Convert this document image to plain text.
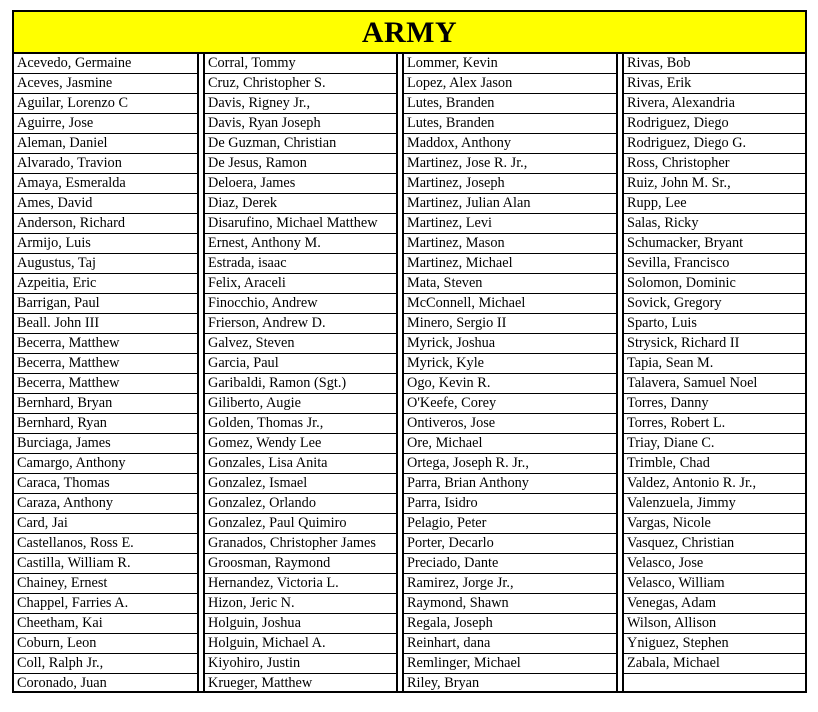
ARMY
Acevedo, Germaine
Aceves, Jasmine
Aguilar, Lorenzo C
Aguirre, Jose
Aleman, Daniel
Alvarado, Travion
Amaya, Esmeralda
Ames, David
Anderson, Richard
Armijo, Luis
Augustus, Taj
Azpeitia, Eric
Barrigan, Paul
Beall. John III
Becerra, Matthew
Becerra, Matthew
Becerra, Matthew
Bernhard, Bryan
Bernhard, Ryan
Burciaga, James
Camargo, Anthony
Caraca, Thomas
Caraza, Anthony
Card, Jai
Castellanos, Ross E.
Castilla, William R.
Chainey, Ernest
Chappel, Farries A.
Cheetham, Kai
Coburn, Leon
Coll, Ralph Jr.,
Coronado, Juan
Corral, Tommy
Cruz, Christopher S.
Davis, Rigney Jr.,
Davis, Ryan Joseph
De Guzman, Christian
De Jesus, Ramon
Deloera, James
Diaz, Derek
Disarufino, Michael Matthew
Ernest, Anthony M.
Estrada, isaac
Felix, Araceli
Finocchio, Andrew
Frierson, Andrew D.
Galvez, Steven
Garcia, Paul
Garibaldi, Ramon (Sgt.)
Giliberto, Augie
Golden, Thomas Jr.,
Gomez, Wendy Lee
Gonzales, Lisa Anita
Gonzalez, Ismael
Gonzalez, Orlando
Gonzalez, Paul Quimiro
Granados, Christopher James
Groosman, Raymond
Hernandez, Victoria L.
Hizon, Jeric N.
Holguin, Joshua
Holguin, Michael A.
Kiyohiro, Justin
Krueger, Matthew
Lommer, Kevin
Lopez, Alex Jason
Lutes, Branden
Lutes, Branden
Maddox, Anthony
Martinez, Jose R. Jr.,
Martinez, Joseph
Martinez, Julian Alan
Martinez, Levi
Martinez, Mason
Martinez, Michael
Mata, Steven
McConnell, Michael
Minero, Sergio II
Myrick, Joshua
Myrick, Kyle
Ogo, Kevin R.
O'Keefe, Corey
Ontiveros, Jose
Ore, Michael
Ortega, Joseph R. Jr.,
Parra, Brian Anthony
Parra, Isidro
Pelagio, Peter
Porter, Decarlo
Preciado, Dante
Ramirez, Jorge Jr.,
Raymond, Shawn
Regala, Joseph
Reinhart, dana
Remlinger, Michael
Riley, Bryan
Rivas, Bob
Rivas, Erik
Rivera, Alexandria
Rodriguez, Diego
Rodriguez, Diego G.
Ross, Christopher
Ruiz, John M. Sr.,
Rupp, Lee
Salas, Ricky
Schumacker, Bryant
Sevilla, Francisco
Solomon, Dominic
Sovick, Gregory
Sparto, Luis
Strysick, Richard II
Tapia, Sean M.
Talavera, Samuel Noel
Torres, Danny
Torres, Robert L.
Triay, Diane C.
Trimble, Chad
Valdez, Antonio R. Jr.,
Valenzuela, Jimmy
Vargas, Nicole
Vasquez, Christian
Velasco, Jose
Velasco, William
Venegas, Adam
Wilson, Allison
Yniguez, Stephen
Zabala, Michael
